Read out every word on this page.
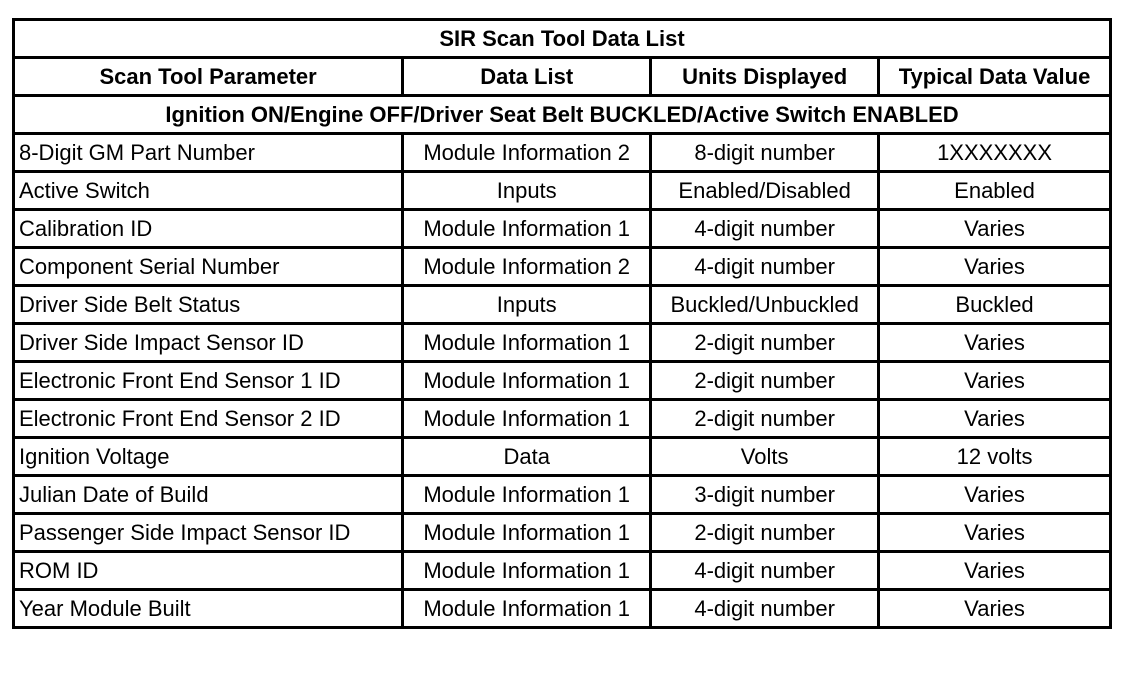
SIR Scan Tool Data List			
Scan Tool Parameter	Data List	Units Displayed	Typical Data Value
Ignition ON/Engine OFF/Driver Seat Belt BUCKLED/Active Switch ENABLED			
8-Digit GM Part Number	Module Information 2	8-digit number	1XXXXXXX
Active Switch	Inputs	Enabled/Disabled	Enabled
Calibration ID	Module Information 1	4-digit number	Varies
Component Serial Number	Module Information 2	4-digit number	Varies
Driver Side Belt Status	Inputs	Buckled/Unbuckled	Buckled
Driver Side Impact Sensor ID	Module Information 1	2-digit number	Varies
Electronic Front End Sensor 1 ID	Module Information 1	2-digit number	Varies
Electronic Front End Sensor 2 ID	Module Information 1	2-digit number	Varies
Ignition Voltage	Data	Volts	12 volts
Julian Date of Build	Module Information 1	3-digit number	Varies
Passenger Side Impact Sensor ID	Module Information 1	2-digit number	Varies
ROM ID	Module Information 1	4-digit number	Varies
Year Module Built	Module Information 1	4-digit number	Varies
